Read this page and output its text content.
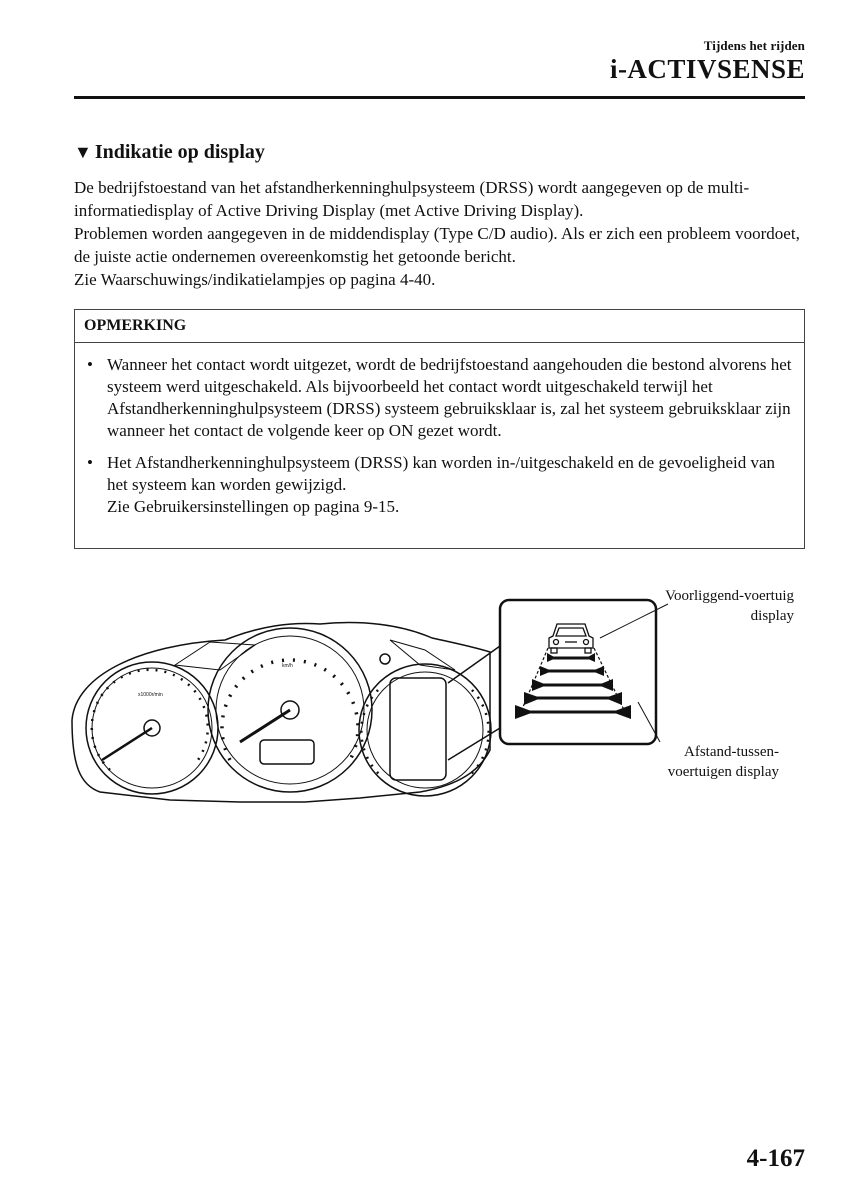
Tijdens het rijden
i-ACTIVSENSE
▼ Indikatie op display

De bedrijfstoestand van het afstandherkenninghulpsysteem (DRSS) wordt aangegeven op de multi-informatiedisplay of Active Driving Display (met Active Driving Display).

Problemen worden aangegeven in de middendisplay (Type C/D audio). Als er zich een probleem voordoet, de juiste actie ondernemen overeenkomstig het getoonde bericht.

Zie Waarschuwings/indikatielampjes op pagina 4-40.

OPMERKING
• Wanneer het contact wordt uitgezet, wordt de bedrijfstoestand aangehouden die bestond alvorens het systeem werd uitgeschakeld. Als bijvoorbeeld het contact wordt uitgeschakeld terwijl het Afstandherkenninghulpsysteem (DRSS) systeem gebruiksklaar is, zal het systeem gebruiksklaar zijn wanneer het contact de volgende keer op ON gezet wordt.

• Het Afstandherkenninghulpsysteem (DRSS) kan worden in-/uitgeschakeld en de gevoeligheid van het systeem kan worden gewijzigd.

Zie Gebruikersinstellingen op pagina 9-15.

x1000r/min
km/h
Voorliggend-voertuig
display
Afstand-tussen-
voertuigen display
4-167
